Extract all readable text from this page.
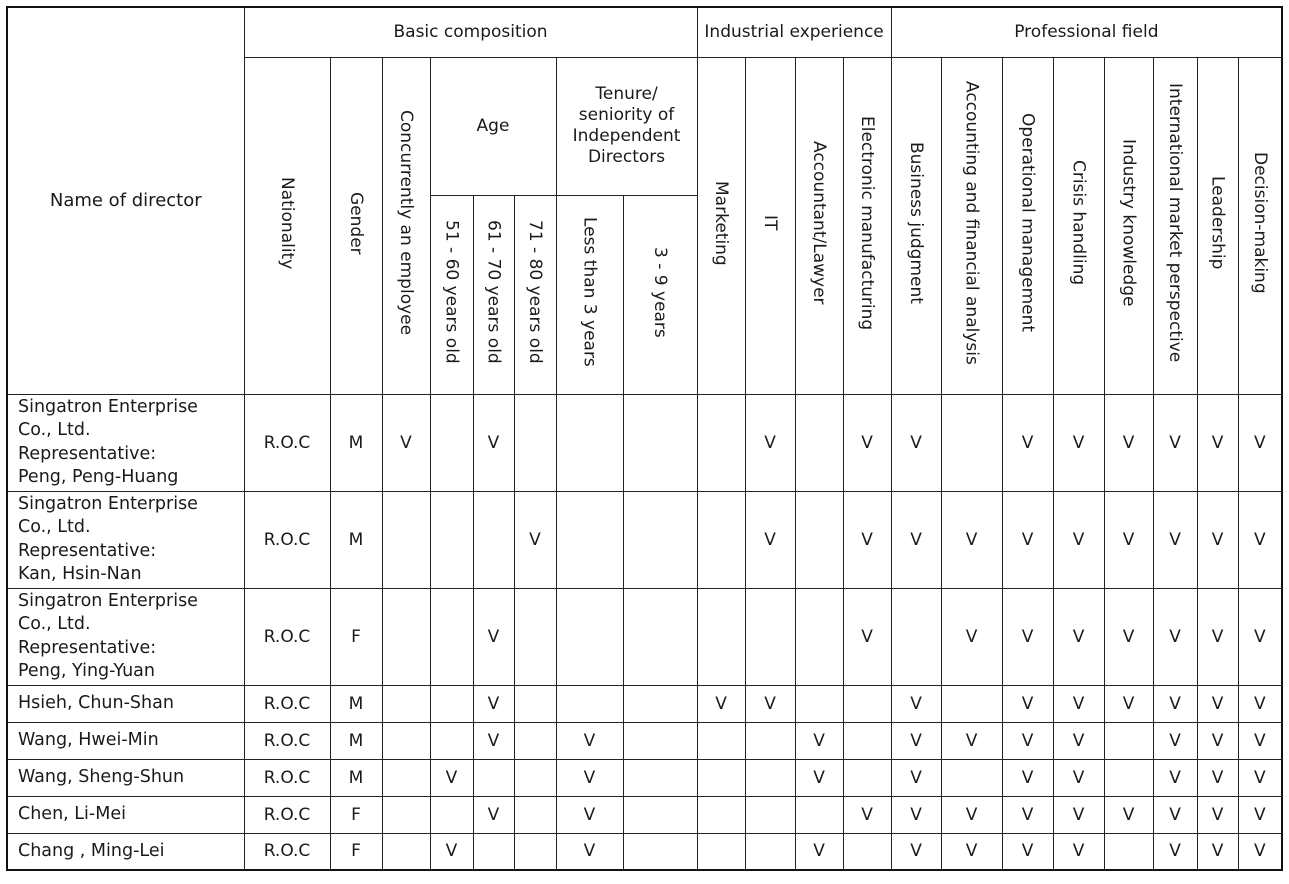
Name of director	Basic composition								Industrial experience				Professional field							
	Nationality	Gender	Concurrently an employee	Age			Tenure/ seniority of Independent Directors		Marketing	IT	Accountant/Lawyer	Electronic manufacturing	Business judgment	Accounting and financial analysis	Operational management	Crisis handling	Industry knowledge	International market perspective	Leadership	Decision-making
				51 - 60 years old	61 - 70 years old	71 - 80 years old	Less than 3 years	3 - 9 years												

Singatron Enterprise
Co., Ltd.
Representative:
Peng, Peng-Huang	R.O.C	M	V		V					V		V	V		V	V	V	V	V	V

Singatron Enterprise
Co., Ltd.
Representative:
Kan, Hsin-Nan	R.O.C	M				V				V		V	V	V	V	V	V	V	V	V

Singatron Enterprise
Co., Ltd.
Representative:
Peng, Ying-Yuan	R.O.C	F			V							V		V	V	V	V	V	V	V

Hsieh, Chun-Shan	R.O.C	M			V				V	V			V		V	V	V	V	V	V

Wang, Hwei-Min	R.O.C	M			V		V				V		V	V	V	V		V	V	V

Wang, Sheng-Shun	R.O.C	M		V			V				V		V		V	V		V	V	V

Chen, Li-Mei	R.O.C	F			V		V					V	V	V	V	V	V	V	V	V

Chang , Ming-Lei	R.O.C	F		V			V				V		V	V	V	V		V	V	V
